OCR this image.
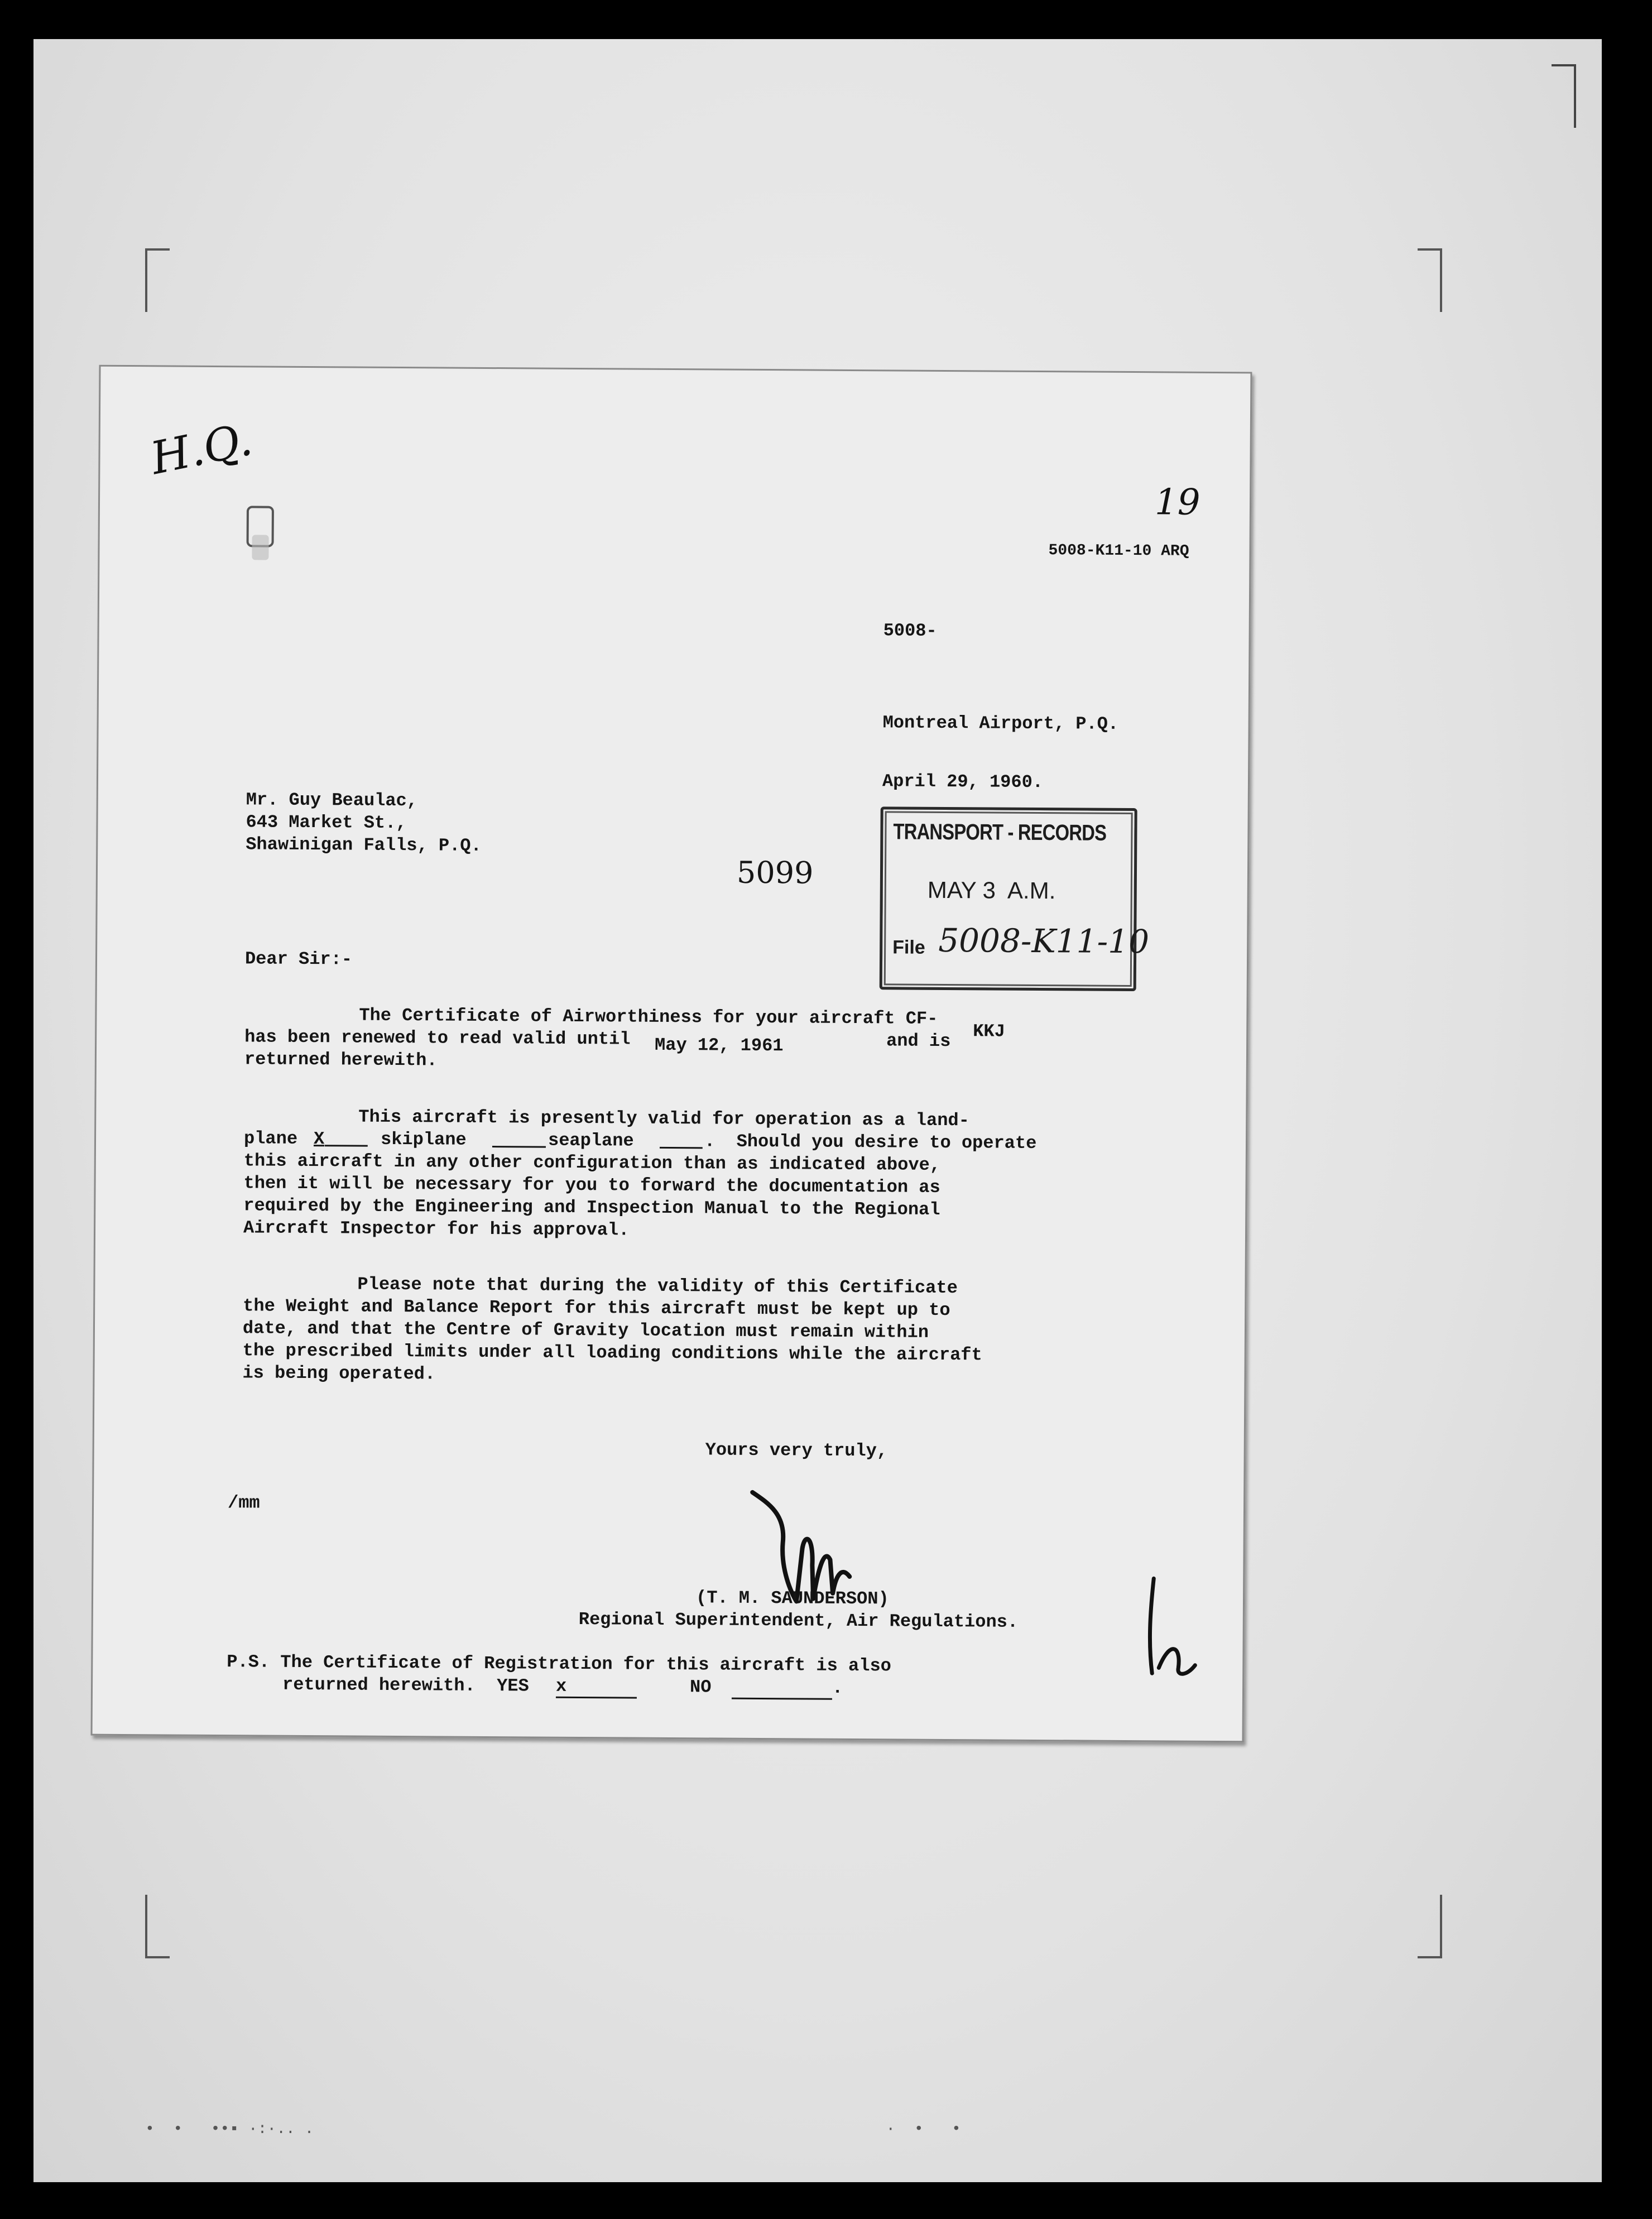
•  •   ••▪ ·:·.. .                                                             ·  •   •

H.Q.

19

5008-K11-10 ARQ

5008-

Montreal Airport, P.Q.

April 29, 1960.

Mr. Guy Beaulac,

643 Market St.,

Shawinigan Falls, P.Q.

5099

TRANSPORT - RECORDS

MAY 3  A.M.

File 5008-K11-10

Dear Sir:-

The Certificate of Airworthiness for your aircraft CF-

has been renewed to read valid until May 12, 1961	and is KKJ

returned herewith.

This aircraft is presently valid for operation as a land-

plane X

	skiplane

	seaplane

	.  Should you desire to operate

this aircraft in any other configuration than as indicated above,

then it will be necessary for you to forward the documentation as

required by the Engineering and Inspection Manual to the Regional

Aircraft Inspector for his approval.

Please note that during the validity of this Certificate

the Weight and Balance Report for this aircraft must be kept up to

date, and that the Centre of Gravity location must remain within

the prescribed limits under all loading conditions while the aircraft

is being operated.

Yours very truly,

/mm

(T. M. SAUNDERSON)

Regional Superintendent, Air Regulations.

P.S. The Certificate of Registration for this aircraft is also

returned herewith.  YES x	NO	.
